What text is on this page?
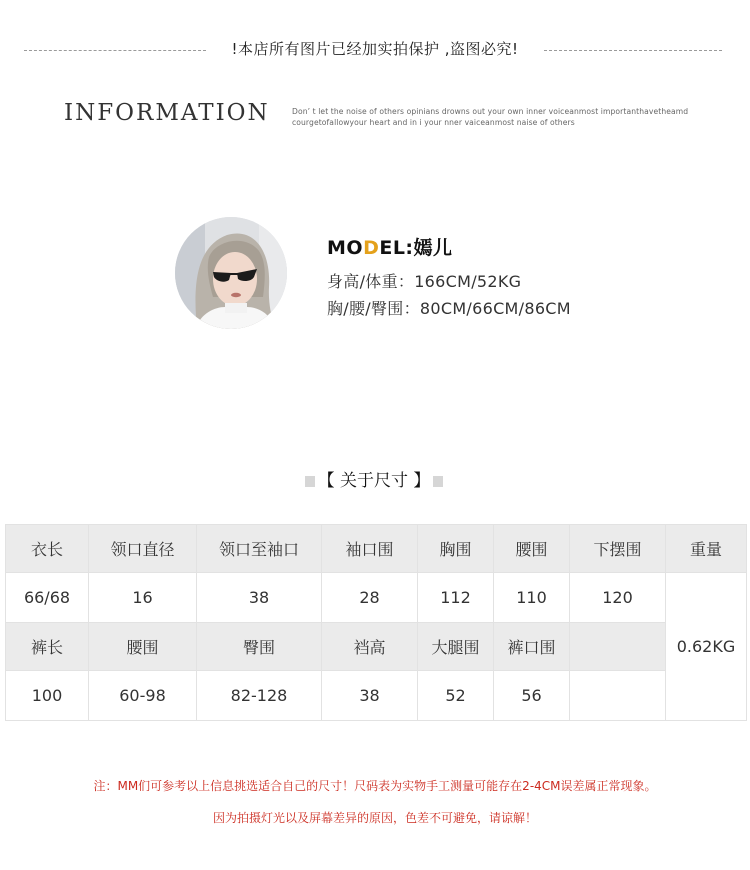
!本店所有图片已经加实拍保护 ,盗图必究!
INFORMATION	Don’ t let the noise of others opinians drowns out your own inner voiceanmost importanthavetheamd
courgetofallowyour heart and in i your nner vaiceanmost naise of others
MODEL:嫣儿
身高/体重：166CM/52KG
胸/腰/臀围：80CM/66CM/86CM
【 关于尺寸 】
衣长	领口直径	领口至袖口	袖口围	胸围	腰围	下摆围	重量
66/68	16	38	28	112	110	120	0.62KG
裤长	腰围	臀围	裆高	大腿围	裤口围		
100	60-98	82-128	38	52	56		
注：MM们可参考以上信息挑选适合自己的尺寸！尺码表为实物手工测量可能存在2-4CM误差属正常现象。
因为拍摄灯光以及屏幕差异的原因，色差不可避免，请谅解！
